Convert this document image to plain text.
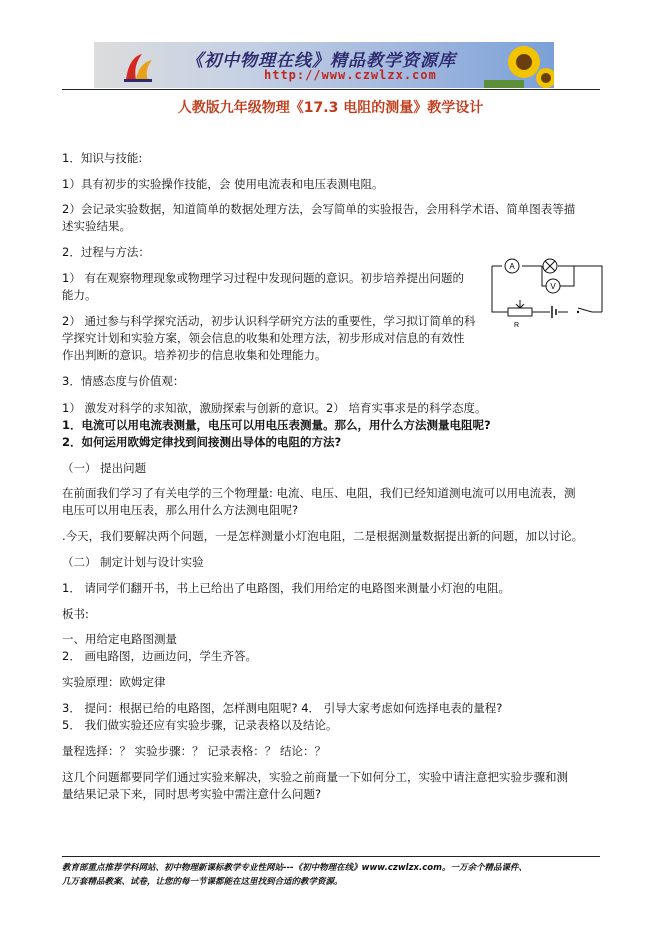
《初中物理在线》精品教学资源库
http://www.czwlzx.com
人教版九年级物理《17.3 电阻的测量》教学设计
A
V
R
1．知识与技能:
1）具有初步的实验操作技能，会 使用电流表和电压表测电阻。
2）会记录实验数据，知道简单的数据处理方法，会写简单的实验报告，会用科学术语、简单图表等描
述实验结果。
2．过程与方法：
1） 有在观察物理现象或物理学习过程中发现问题的意识。初步培养提出问题的
能力。
2） 通过参与科学探究活动，初步认识科学研究方法的重要性，学习拟订简单的科
学探究计划和实验方案，领会信息的收集和处理方法，初步形成对信息的有效性
作出判断的意识。培养初步的信息收集和处理能力。
3．情感态度与价值观：
1） 激发对科学的求知欲，激励探索与创新的意识。2） 培育实事求是的科学态度。
1．电流可以用电流表测量，电压可以用电压表测量。那么，用什么方法测量电阻呢?
2．如何运用欧姆定律找到间接测出导体的电阻的方法?
（一） 提出问题
在前面我们学习了有关电学的三个物理量: 电流、电压、电阻，我们已经知道测电流可以用电流表，测
电压可以用电压表，那么用什么方法测电阻呢?
.今天，我们要解决两个问题，一是怎样测量小灯泡电阻，二是根据测量数据提出新的问题，加以讨论。
（二） 制定计划与设计实验
1． 请同学们翻开书，书上已给出了电路图，我们用给定的电路图来测量小灯泡的电阻。
板书:
一、用给定电路图测量
2． 画电路图，边画边问，学生齐答。
实验原理：欧姆定律
3． 提问：根据已给的电路图，怎样测电阻呢? 4． 引导大家考虑如何选择电表的量程?
5． 我们做实验还应有实验步骤，记录表格以及结论。
量程选择：？ 实验步骤：？ 记录表格：？ 结论：？
这几个问题都要同学们通过实验来解决，实验之前商量一下如何分工，实验中请注意把实验步骤和测
量结果记录下来，同时思考实验中需注意什么问题?
教育部重点推荐学科网站、初中物理新课标教学专业性网站---《初中物理在线》www.czwlzx.com。一万余个精品课件、
几万套精品教案、试卷，让您的每一节课都能在这里找到合适的教学资源。
